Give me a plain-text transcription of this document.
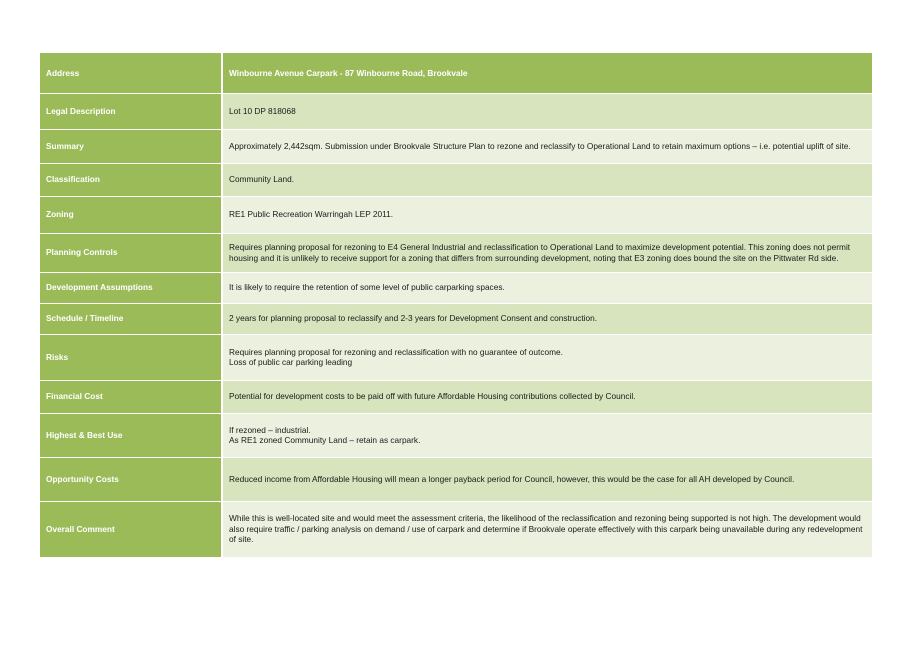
Address	Winbourne Avenue Carpark - 87 Winbourne Road, Brookvale
Legal Description	Lot 10 DP 818068
Summary	Approximately 2,442sqm. Submission under Brookvale Structure Plan to rezone and reclassify to Operational Land to retain maximum options – i.e. potential uplift of site.
Classification	Community Land.
Zoning	RE1 Public Recreation Warringah LEP 2011.
Planning Controls	Requires planning proposal for rezoning to E4 General Industrial and reclassification to Operational Land to maximize development potential. This zoning does not permit housing and it is unlikely to receive support for a zoning that differs from surrounding development, noting that E3 zoning does bound the site on the Pittwater Rd side.
Development Assumptions	It is likely to require the retention of some level of public carparking spaces.
Schedule / Timeline	2 years for planning proposal to reclassify and 2-3 years for Development Consent and construction.
Risks	Requires planning proposal for rezoning and reclassification with no guarantee of outcome.
Loss of public car parking leading
Financial Cost	Potential for development costs to be paid off with future Affordable Housing contributions collected by Council.
Highest & Best Use	If rezoned – industrial.
As RE1 zoned Community Land – retain as carpark.
Opportunity Costs	Reduced income from Affordable Housing will mean a longer payback period for Council, however, this would be the case for all AH developed by Council.
Overall Comment	While this is well-located site and would meet the assessment criteria, the likelihood of the reclassification and rezoning being supported is not high. The development would also require traffic / parking analysis on demand / use of carpark and determine if Brookvale operate effectively with this carpark being unavailable during any redevelopment of site.
